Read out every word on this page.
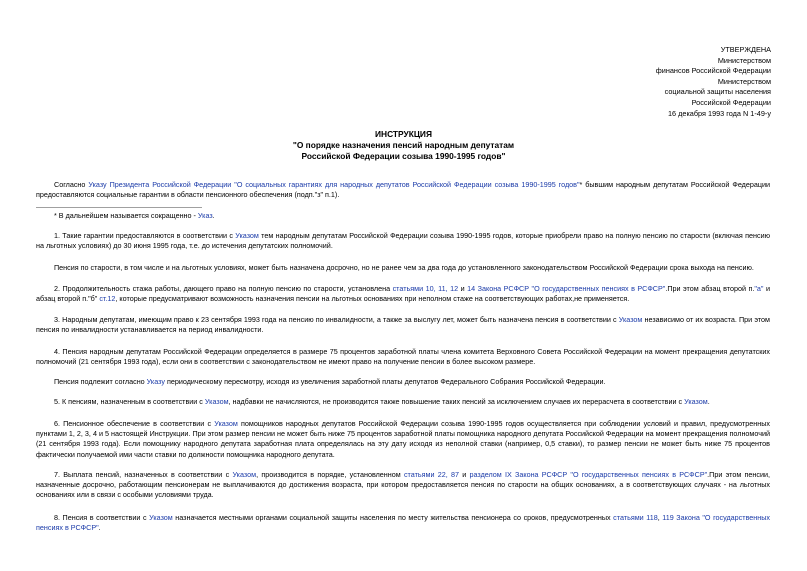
УТВЕРЖДЕНА
Министерством
финансов Российской Федерации
Министерством
социальной защиты населения
Российской Федерации
16 декабря 1993 года N 1-49-у
ИНСТРУКЦИЯ
"О порядке назначения пенсий народным депутатам
Российской Федерации созыва 1990-1995 годов"

Согласно Указу Президента Российской Федерации "О социальных гарантиях для народных депутатов Российской Федерации созыва 1990-1995 годов"* бывшим народным депутатам Российской Федерации предоставляются социальные гарантии в области пенсионного обеспечения (подп."з" п.1).

* В дальнейшем называется сокращенно - Указ.

1. Такие гарантии предоставляются в соответствии с Указом тем народным депутатам Российской Федерации созыва 1990-1995 годов, которые приобрели право на полную пенсию по старости (включая пенсию на льготных условиях) до 30 июня 1995 года, т.е. до истечения депутатских полномочий.

Пенсия по старости, в том числе и на льготных условиях, может быть назначена досрочно, но не ранее чем за два года до установленного законодательством Российской Федерации срока выхода на пенсию.

2. Продолжительность стажа работы, дающего право на полную пенсию по старости, установлена статьями 10, 11, 12 и 14 Закона РСФСР "О государственных пенсиях в РСФСР".При этом абзац второй п."а" и абзац второй п."б" ст.12, которые предусматривают возможность назначения пенсии на льготных основаниях при неполном стаже на соответствующих работах,не применяется.

3. Народным депутатам, имеющим право к 23 сентября 1993 года на пенсию по инвалидности, а также за выслугу лет, может быть назначена пенсия в соответствии с Указом независимо от их возраста. При этом пенсия по инвалидности устанавливается на период инвалидности.

4. Пенсия народным депутатам Российской Федерации определяется в размере 75 процентов заработной платы члена комитета Верховного Совета Российской Федерации на момент прекращения депутатских полномочий (21 сентября 1993 года), если они в соответствии с законодательством не имеют право на получение пенсии в более высоком размере.

Пенсия подлежит согласно Указу периодическому пересмотру, исходя из увеличения заработной платы депутатов Федерального Собрания Российской Федерации.

5. К пенсиям, назначенным в соответствии с Указом, надбавки не начисляются, не производится также повышение таких пенсий за исключением случаев их перерасчета в соответствии с Указом.

6. Пенсионное обеспечение в соответствии с Указом помощников народных депутатов Российской Федерации созыва 1990-1995 годов осуществляется при соблюдении условий и правил, предусмотренных пунктами 1, 2, 3, 4 и 5 настоящей Инструкции. При этом размер пенсии не может быть ниже 75 процентов заработной платы помощника народного депутата Российской Федерации на момент прекращения полномочий (21 сентября 1993 года). Если помощнику народного депутата заработная плата определялась на эту дату исходя из неполной ставки (например, 0,5 ставки), то размер пенсии не может быть ниже 75 процентов фактически получаемой ими части ставки по должности помощника народного депутата.

7. Выплата пенсий, назначенных в соответствии с Указом, производится в порядке, установленном статьями 22, 87 и разделом IX Закона РСФСР "О государственных пенсиях в РСФСР".При этом пенсии, назначенные досрочно, работающим пенсионерам не выплачиваются до достижения возраста, при котором предоставляется пенсия по старости на общих основаниях, а в соответствующих случаях - на льготных основаниях или в связи с особыми условиями труда.

8. Пенсия в соответствии с Указом назначается местными органами социальной защиты населения по месту жительства пенсионера со сроков, предусмотренных статьями 118, 119 Закона "О государственных пенсиях в РСФСР".
